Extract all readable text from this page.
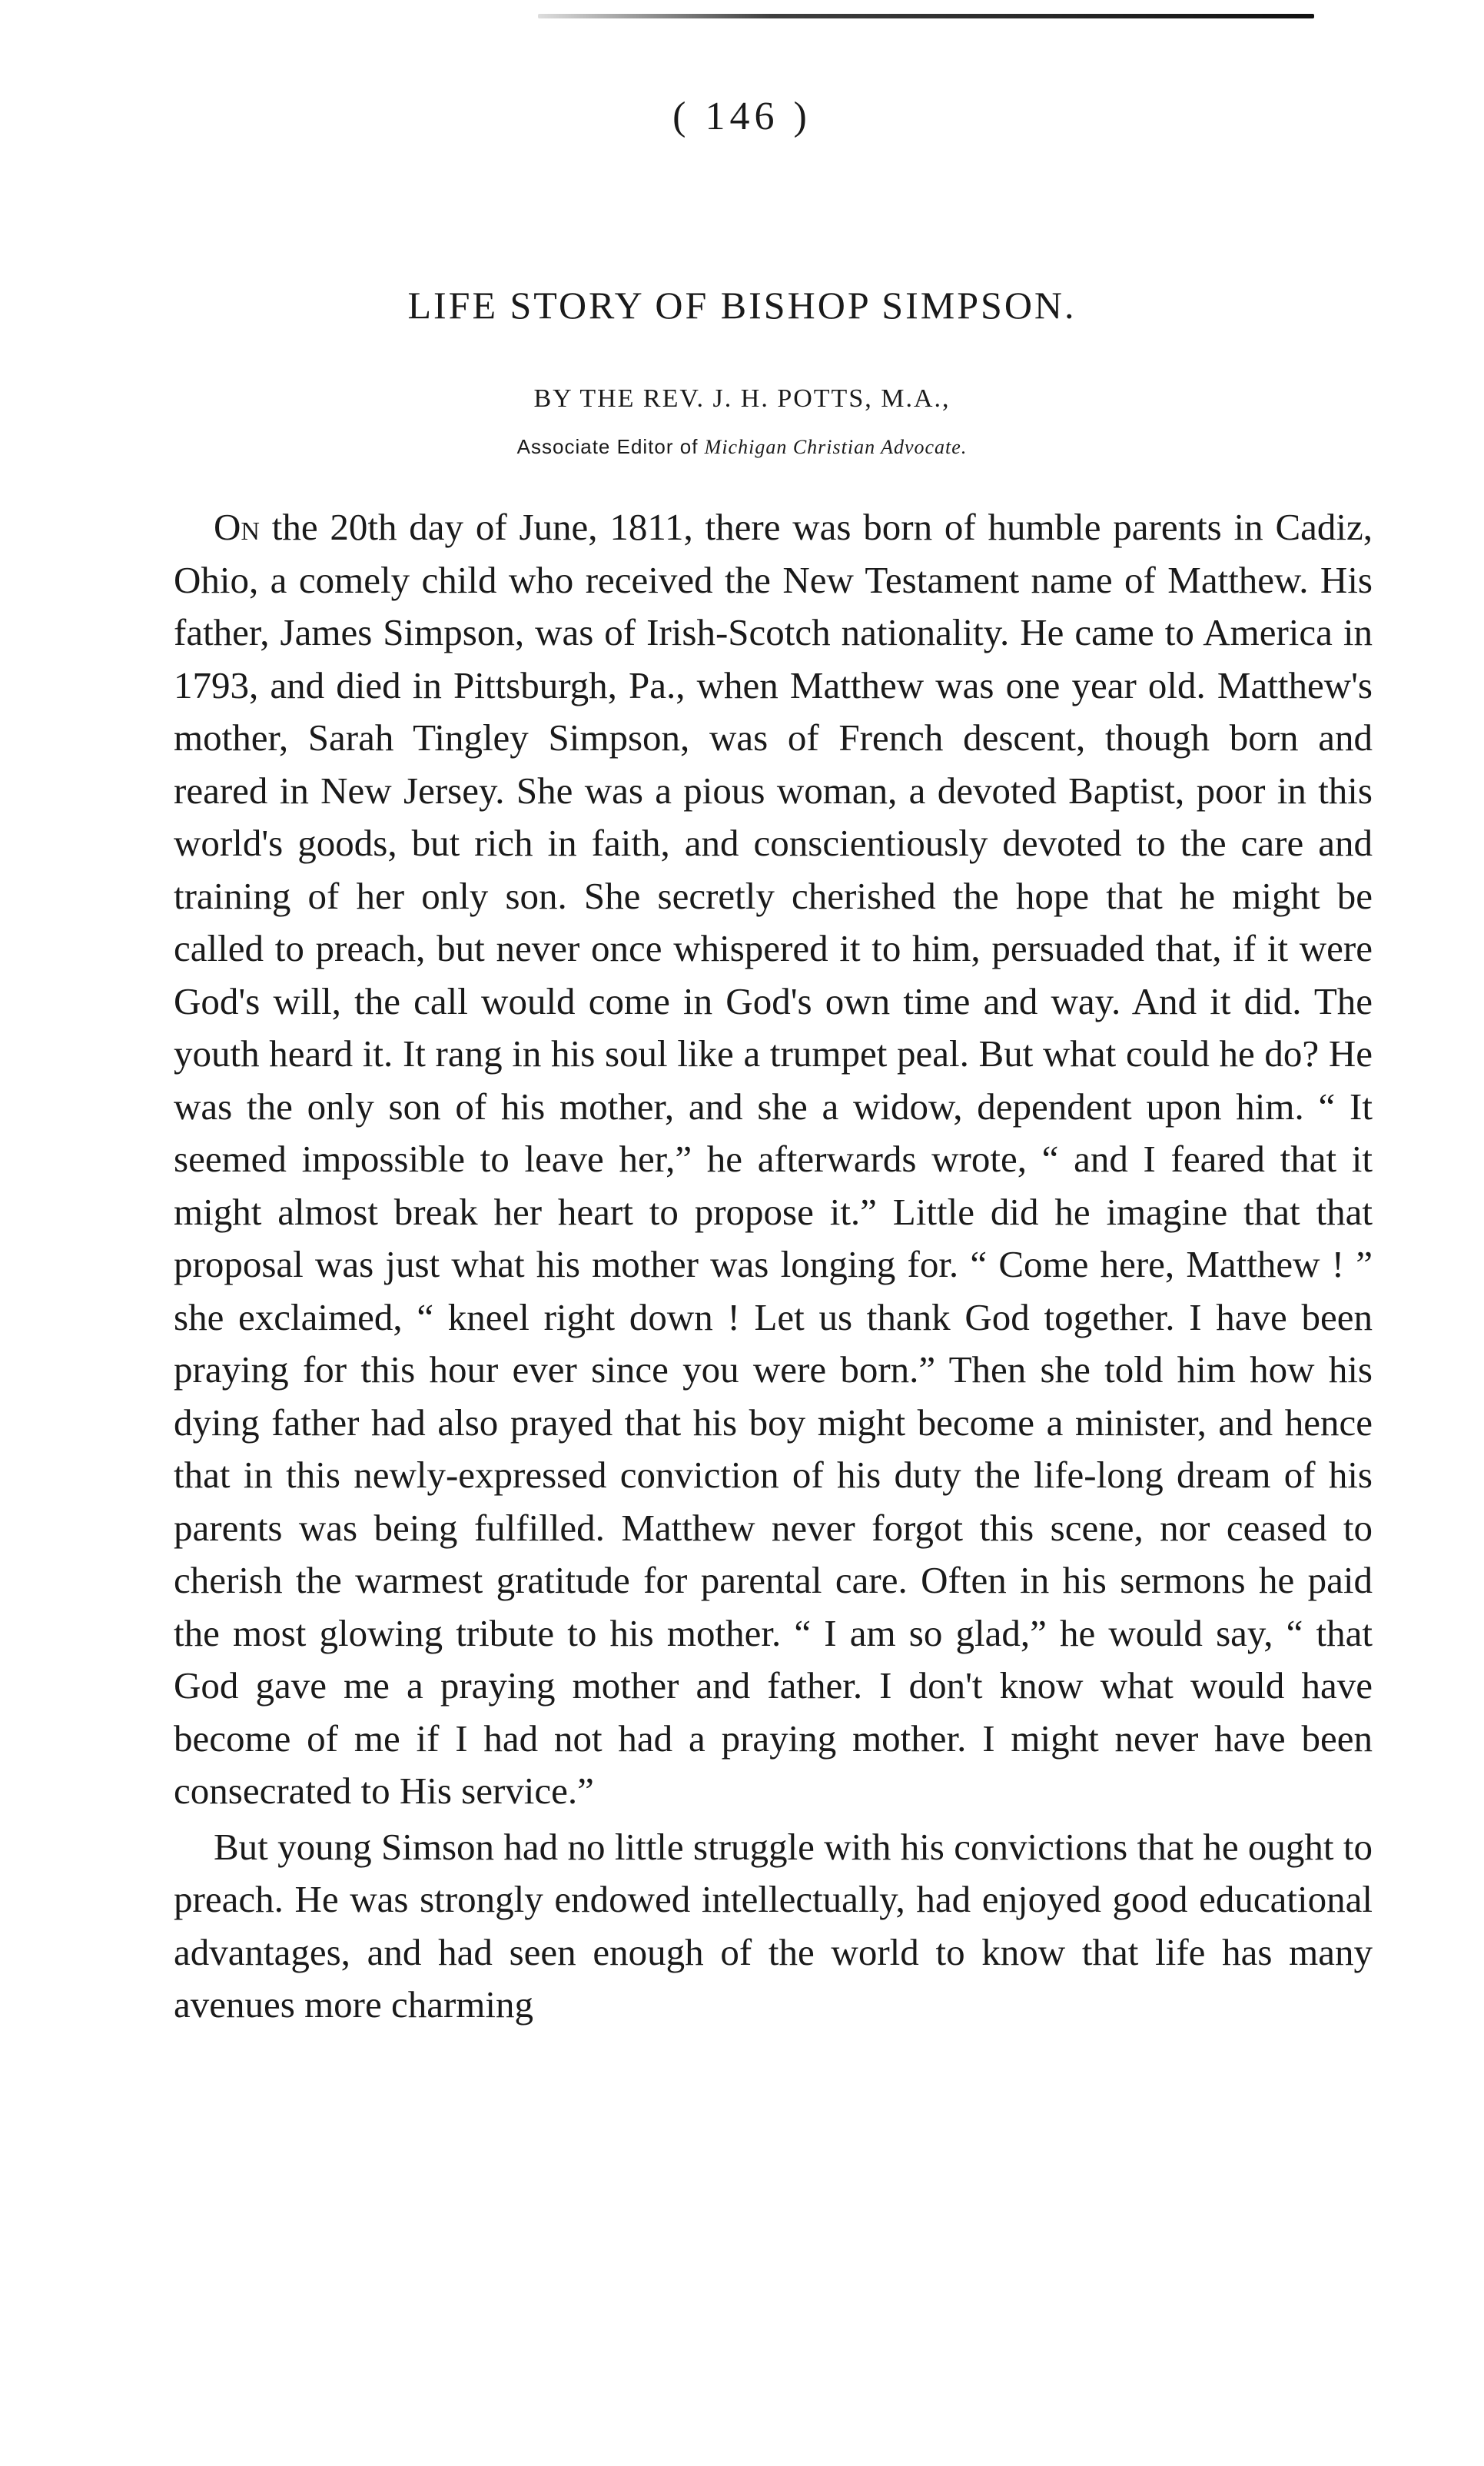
( 146 )
LIFE STORY OF BISHOP SIMPSON.
BY THE REV. J. H. POTTS, M.A.,
Associate Editor of Michigan Christian Advocate.

On the 20th day of June, 1811, there was born of humble parents in Cadiz, Ohio, a comely child who received the New Testament name of Matthew. His father, James Simpson, was of Irish-Scotch nationality. He came to America in 1793, and died in Pittsburgh, Pa., when Matthew was one year old. Matthew's mother, Sarah Tingley Simpson, was of French descent, though born and reared in New Jersey. She was a pious woman, a devoted Baptist, poor in this world's goods, but rich in faith, and conscientiously devoted to the care and training of her only son. She secretly cherished the hope that he might be called to preach, but never once whispered it to him, persuaded that, if it were God's will, the call would come in God's own time and way. And it did. The youth heard it. It rang in his soul like a trumpet peal. But what could he do? He was the only son of his mother, and she a widow, dependent upon him. “ It seemed impossible to leave her,” he afterwards wrote, “ and I feared that it might almost break her heart to propose it.” Little did he imagine that that proposal was just what his mother was longing for. “ Come here, Matthew ! ” she exclaimed, “ kneel right down ! Let us thank God together. I have been praying for this hour ever since you were born.” Then she told him how his dying father had also prayed that his boy might become a minister, and hence that in this newly-expressed conviction of his duty the life-long dream of his parents was being fulfilled. Matthew never forgot this scene, nor ceased to cherish the warmest gratitude for parental care. Often in his sermons he paid the most glowing tribute to his mother. “ I am so glad,” he would say, “ that God gave me a praying mother and father. I don't know what would have become of me if I had not had a praying mother. I might never have been consecrated to His service.”

But young Simson had no little struggle with his convictions that he ought to preach. He was strongly endowed intellectually, had enjoyed good educational advantages, and had seen enough of the world to know that life has many avenues more charming
